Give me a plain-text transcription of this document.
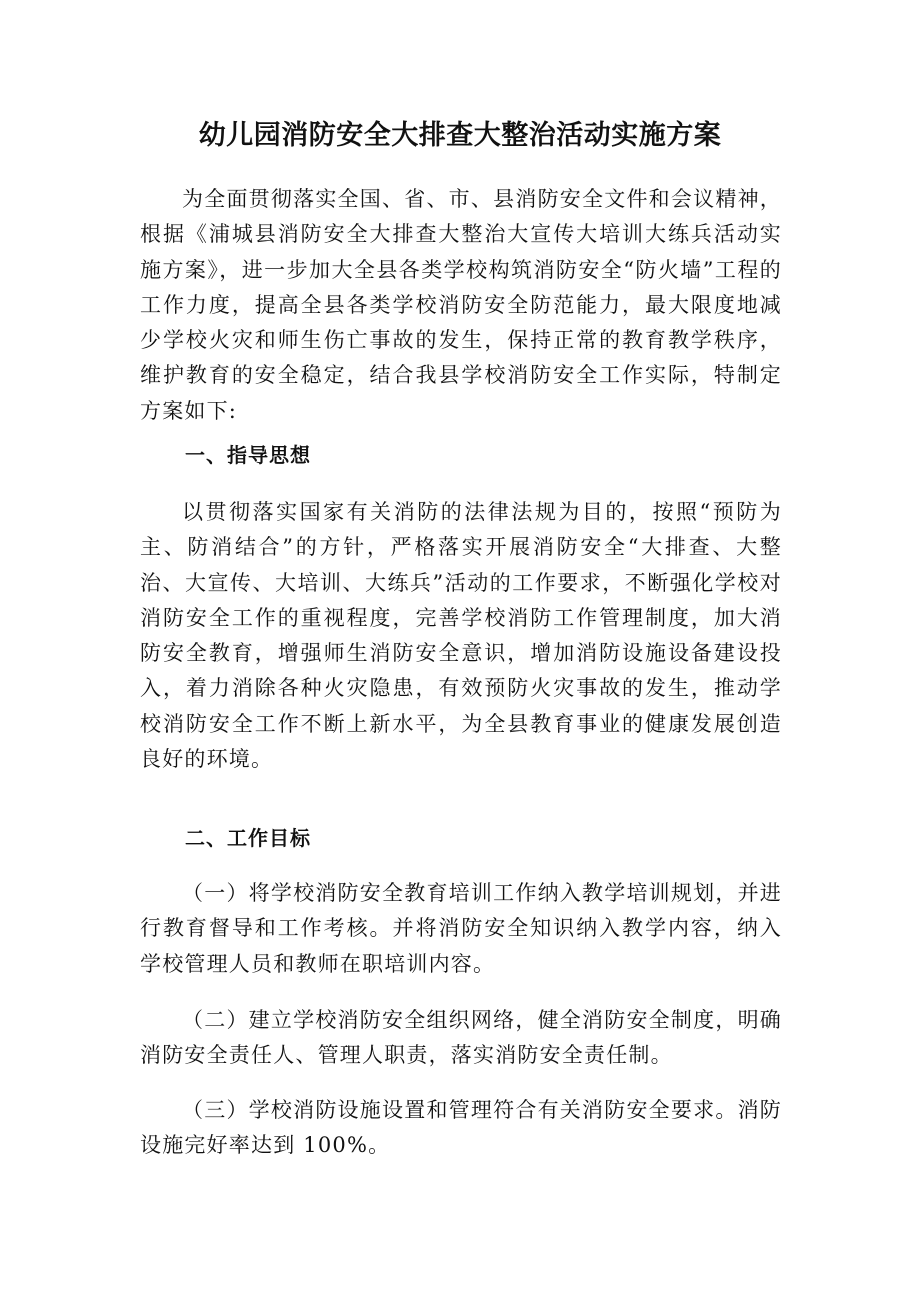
幼儿园消防安全大排查大整治活动实施方案

为全面贯彻落实全国、省、市、县消防安全文件和会议精神，根据《浦城县消防安全大排查大整治大宣传大培训大练兵活动实施方案》，进一步加大全县各类学校构筑消防安全“防火墙”工程的工作力度，提高全县各类学校消防安全防范能力，最大限度地减少学校火灾和师生伤亡事故的发生，保持正常的教育教学秩序，维护教育的安全稳定，结合我县学校消防安全工作实际，特制定方案如下:

一、指导思想

以贯彻落实国家有关消防的法律法规为目的，按照“预防为主、防消结合”的方针，严格落实开展消防安全“大排查、大整治、大宣传、大培训、大练兵”活动的工作要求，不断强化学校对消防安全工作的重视程度，完善学校消防工作管理制度，加大消防安全教育，增强师生消防安全意识，增加消防设施设备建设投入，着力消除各种火灾隐患，有效预防火灾事故的发生，推动学校消防安全工作不断上新水平，为全县教育事业的健康发展创造良好的环境。

二、工作目标

（一）将学校消防安全教育培训工作纳入教学培训规划，并进行教育督导和工作考核。并将消防安全知识纳入教学内容，纳入学校管理人员和教师在职培训内容。

（二）建立学校消防安全组织网络，健全消防安全制度，明确消防安全责任人、管理人职责，落实消防安全责任制。

（三）学校消防设施设置和管理符合有关消防安全要求。消防设施完好率达到 100%。
